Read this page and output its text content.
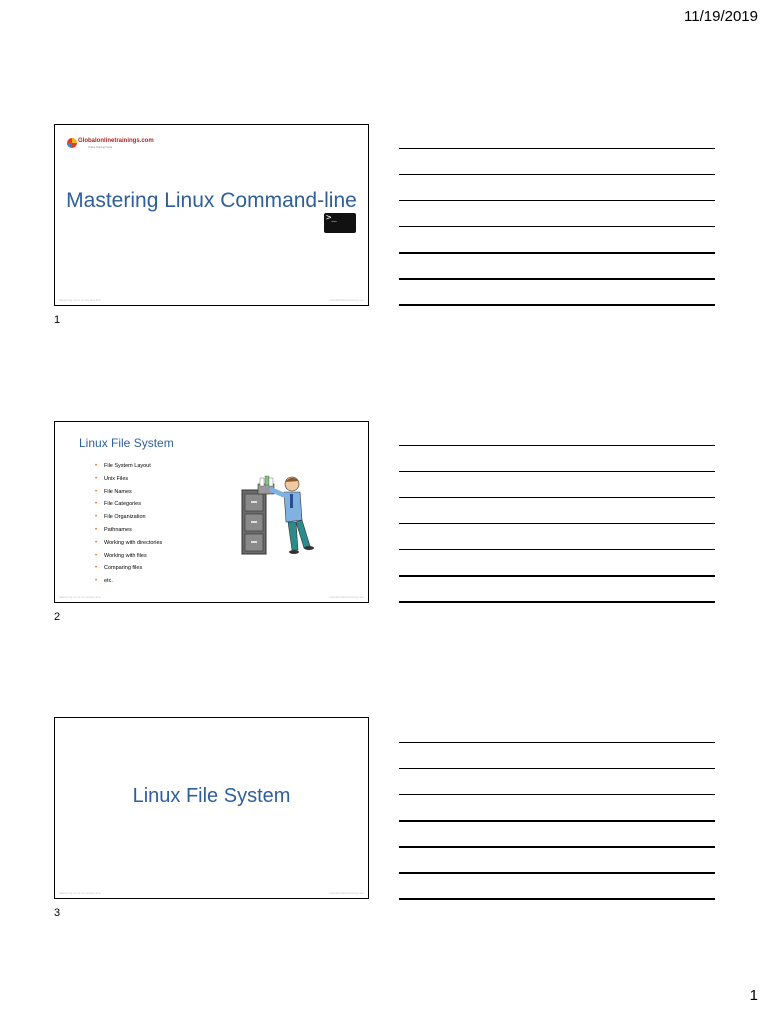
11/19/2019
Globalonlinetrainings.com
Online Training Portal
Mastering Linux Command-line
>_
Mastering Linux Command-line	GlobalOnlineTraining.com
1
Linux File System
• File System Layout
• Unix Files
• File Names
• File Categories
• File Organization
• Pathnames
• Working with directories
• Working with files
• Comparing files
• etc.
Mastering Linux Command-line	GlobalOnlineTraining.com
2
Linux File System
Mastering Linux Command-line	GlobalOnlineTraining.com
3
1
